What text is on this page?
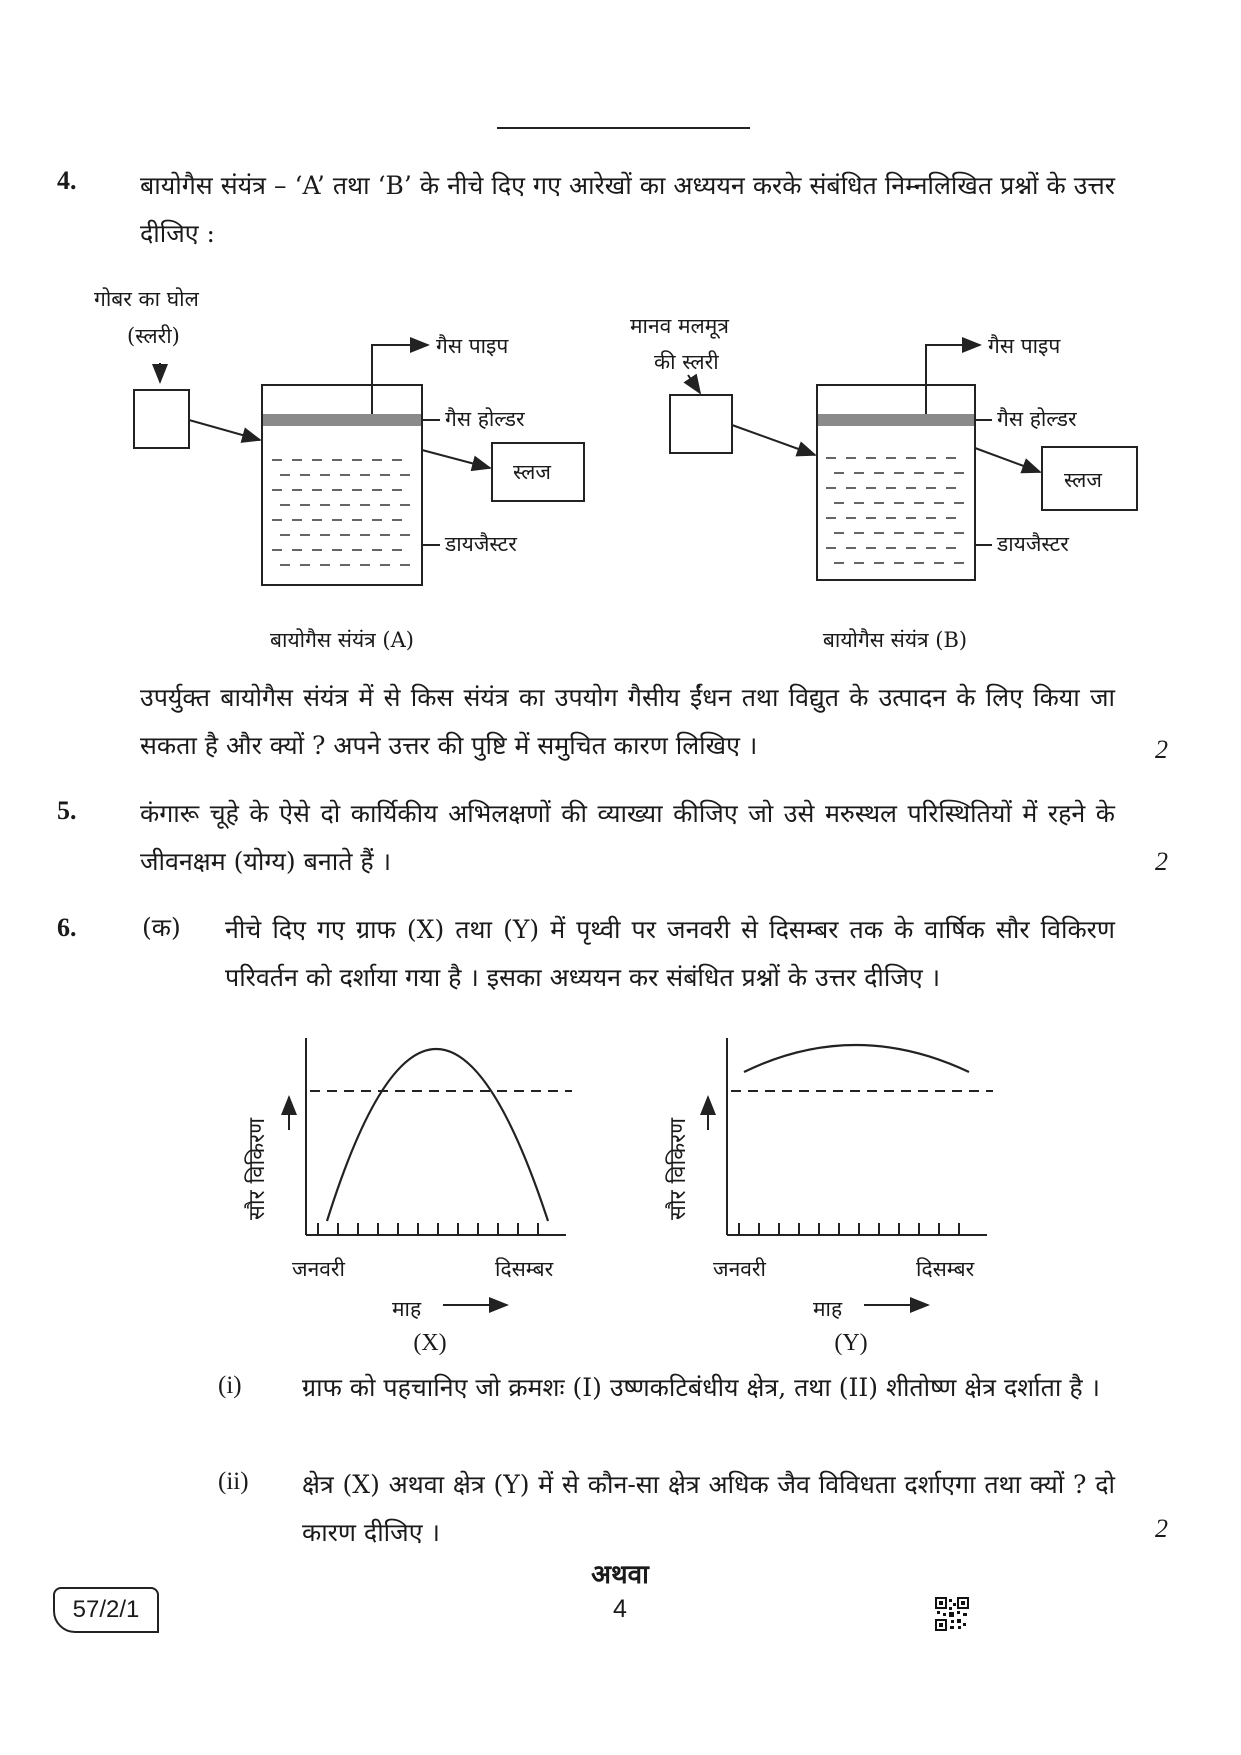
4.	बायोगैस संयंत्र – ‘A’ तथा ‘B’ के नीचे दिए गए आरेखों का अध्ययन करके संबंधित निम्नलिखित प्रश्नों के उत्तर दीजिए :
गोबर का घोल
(स्लरी)	गैस पाइप
गैस होल्डर
स्लज
डायजैस्टर
बायोगैस संयंत्र (A)
मानव मलमूत्र
की स्लरी
गैस पाइप
गैस होल्डर
स्लज
डायजैस्टर
बायोगैस संयंत्र (B)
उपर्युक्त बायोगैस संयंत्र में से किस संयंत्र का उपयोग गैसीय ईंधन तथा विद्युत के उत्पादन के लिए किया जा सकता है और क्यों ? अपने उत्तर की पुष्टि में समुचित कारण लिखिए ।	2
5.	कंगारू चूहे के ऐसे दो कार्यिकीय अभिलक्षणों की व्याख्या कीजिए जो उसे मरुस्थल परिस्थितियों में रहने के जीवनक्षम (योग्य) बनाते हैं ।	2
6.	(क) नीचे दिए गए ग्राफ (X) तथा (Y) में पृथ्वी पर जनवरी से दिसम्बर तक के वार्षिक सौर विकिरण परिवर्तन को दर्शाया गया है । इसका अध्ययन कर संबंधित प्रश्नों के उत्तर दीजिए ।
सौर विकिरण	सौर विकिरण
जनवरी	दिसम्बर
माह
(X)
जनवरी	दिसम्बर
माह
(Y)
(i) ग्राफ को पहचानिए जो क्रमशः (I) उष्णकटिबंधीय क्षेत्र, तथा (II) शीतोष्ण क्षेत्र दर्शाता है ।
(ii) क्षेत्र (X) अथवा क्षेत्र (Y) में से कौन-सा क्षेत्र अधिक जैव विविधता दर्शाएगा तथा क्यों ? दो कारण दीजिए ।	2
अथवा
57/2/1	4
